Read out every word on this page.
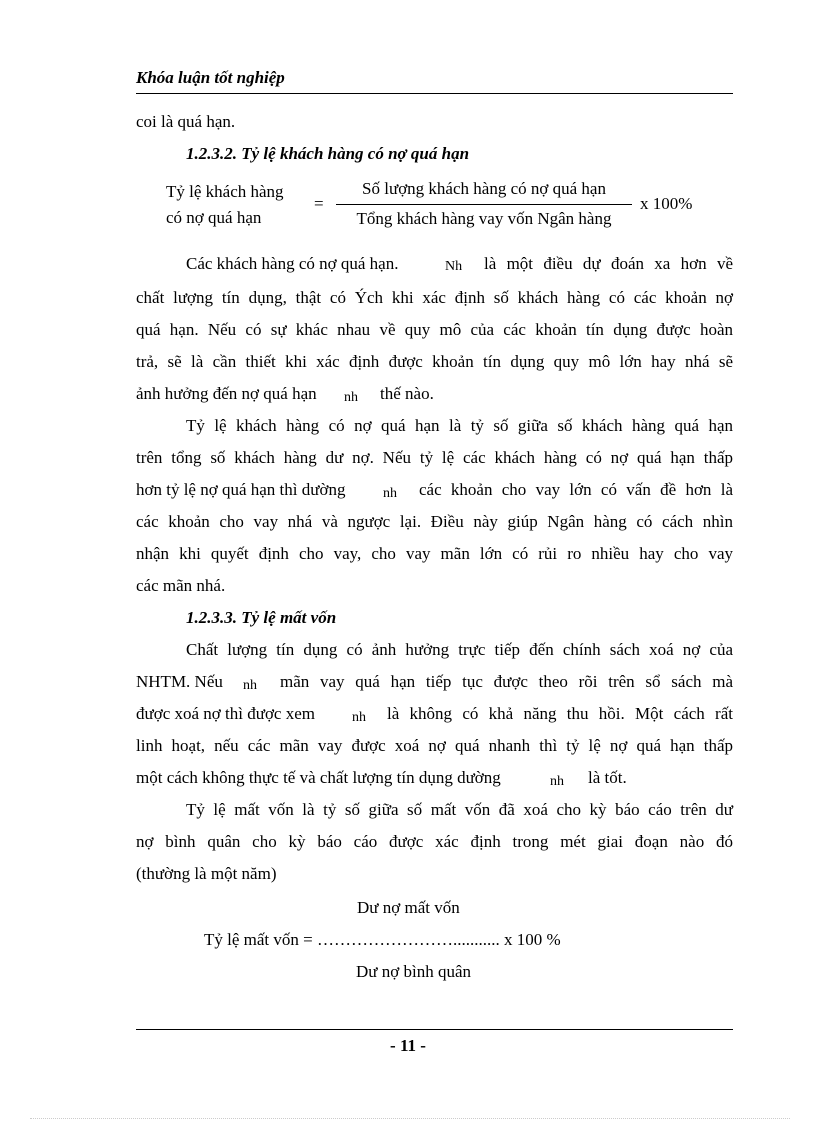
Khóa luận tốt nghiệp
coi là quá hạn.
1.2.3.2. Tỷ lệ khách hàng có nợ quá hạn
Tỷ lệ khách hàng
có nợ quá hạn
=
Số lượng khách hàng có nợ quá hạn
Tổng khách hàng vay vốn Ngân hàng
x 100%
Các khách hàng có nợ quá hạn.	Nh là một điều dự đoán xa hơn về
chất lượng tín dụng, thật có Ých khi xác định số khách hàng có các khoản nợ
quá hạn. Nếu có sự khác nhau về quy mô của các khoản tín dụng được hoàn
trả, sẽ là cần thiết khi xác định được khoản tín dụng quy mô lớn hay nhá sẽ
ảnh hưởng đến nợ quá hạn nh thế nào.
Tỷ lệ khách hàng có nợ quá hạn là tỷ số giữa số khách hàng quá hạn
trên tổng số khách hàng dư nợ. Nếu tỷ lệ các khách hàng có nợ quá hạn thấp
hơn tỷ lệ nợ quá hạn thì dường	nh các khoản cho vay lớn có vấn đề hơn là
các khoản cho vay nhá và ngược lại. Điều này giúp Ngân hàng có cách nhìn
nhận khi quyết định cho vay, cho vay mãn lớn có rủi ro nhiều hay cho vay
các mãn nhá.
1.2.3.3. Tỷ lệ mất vốn
Chất lượng tín dụng có ảnh hưởng trực tiếp đến chính sách xoá nợ của
NHTM. Nếu nh mãn vay quá hạn tiếp tục được theo rõi trên sổ sách mà
được xoá nợ thì được xem	nh là không có khả năng thu hồi. Một cách rất
linh hoạt, nếu các mãn vay được xoá nợ quá nhanh thì tỷ lệ nợ quá hạn thấp
một cách không thực tế và chất lượng tín dụng dường	nh là tốt.
Tỷ lệ mất vốn là tỷ số giữa số mất vốn đã xoá cho kỳ báo cáo trên dư
nợ bình quân cho kỳ báo cáo được xác định trong mét giai đoạn nào đó
(thường là một năm)
Dư nợ mất vốn
Tỷ lệ mất vốn = ……………………........... x 100 %
Dư nợ bình quân
- 11 -
